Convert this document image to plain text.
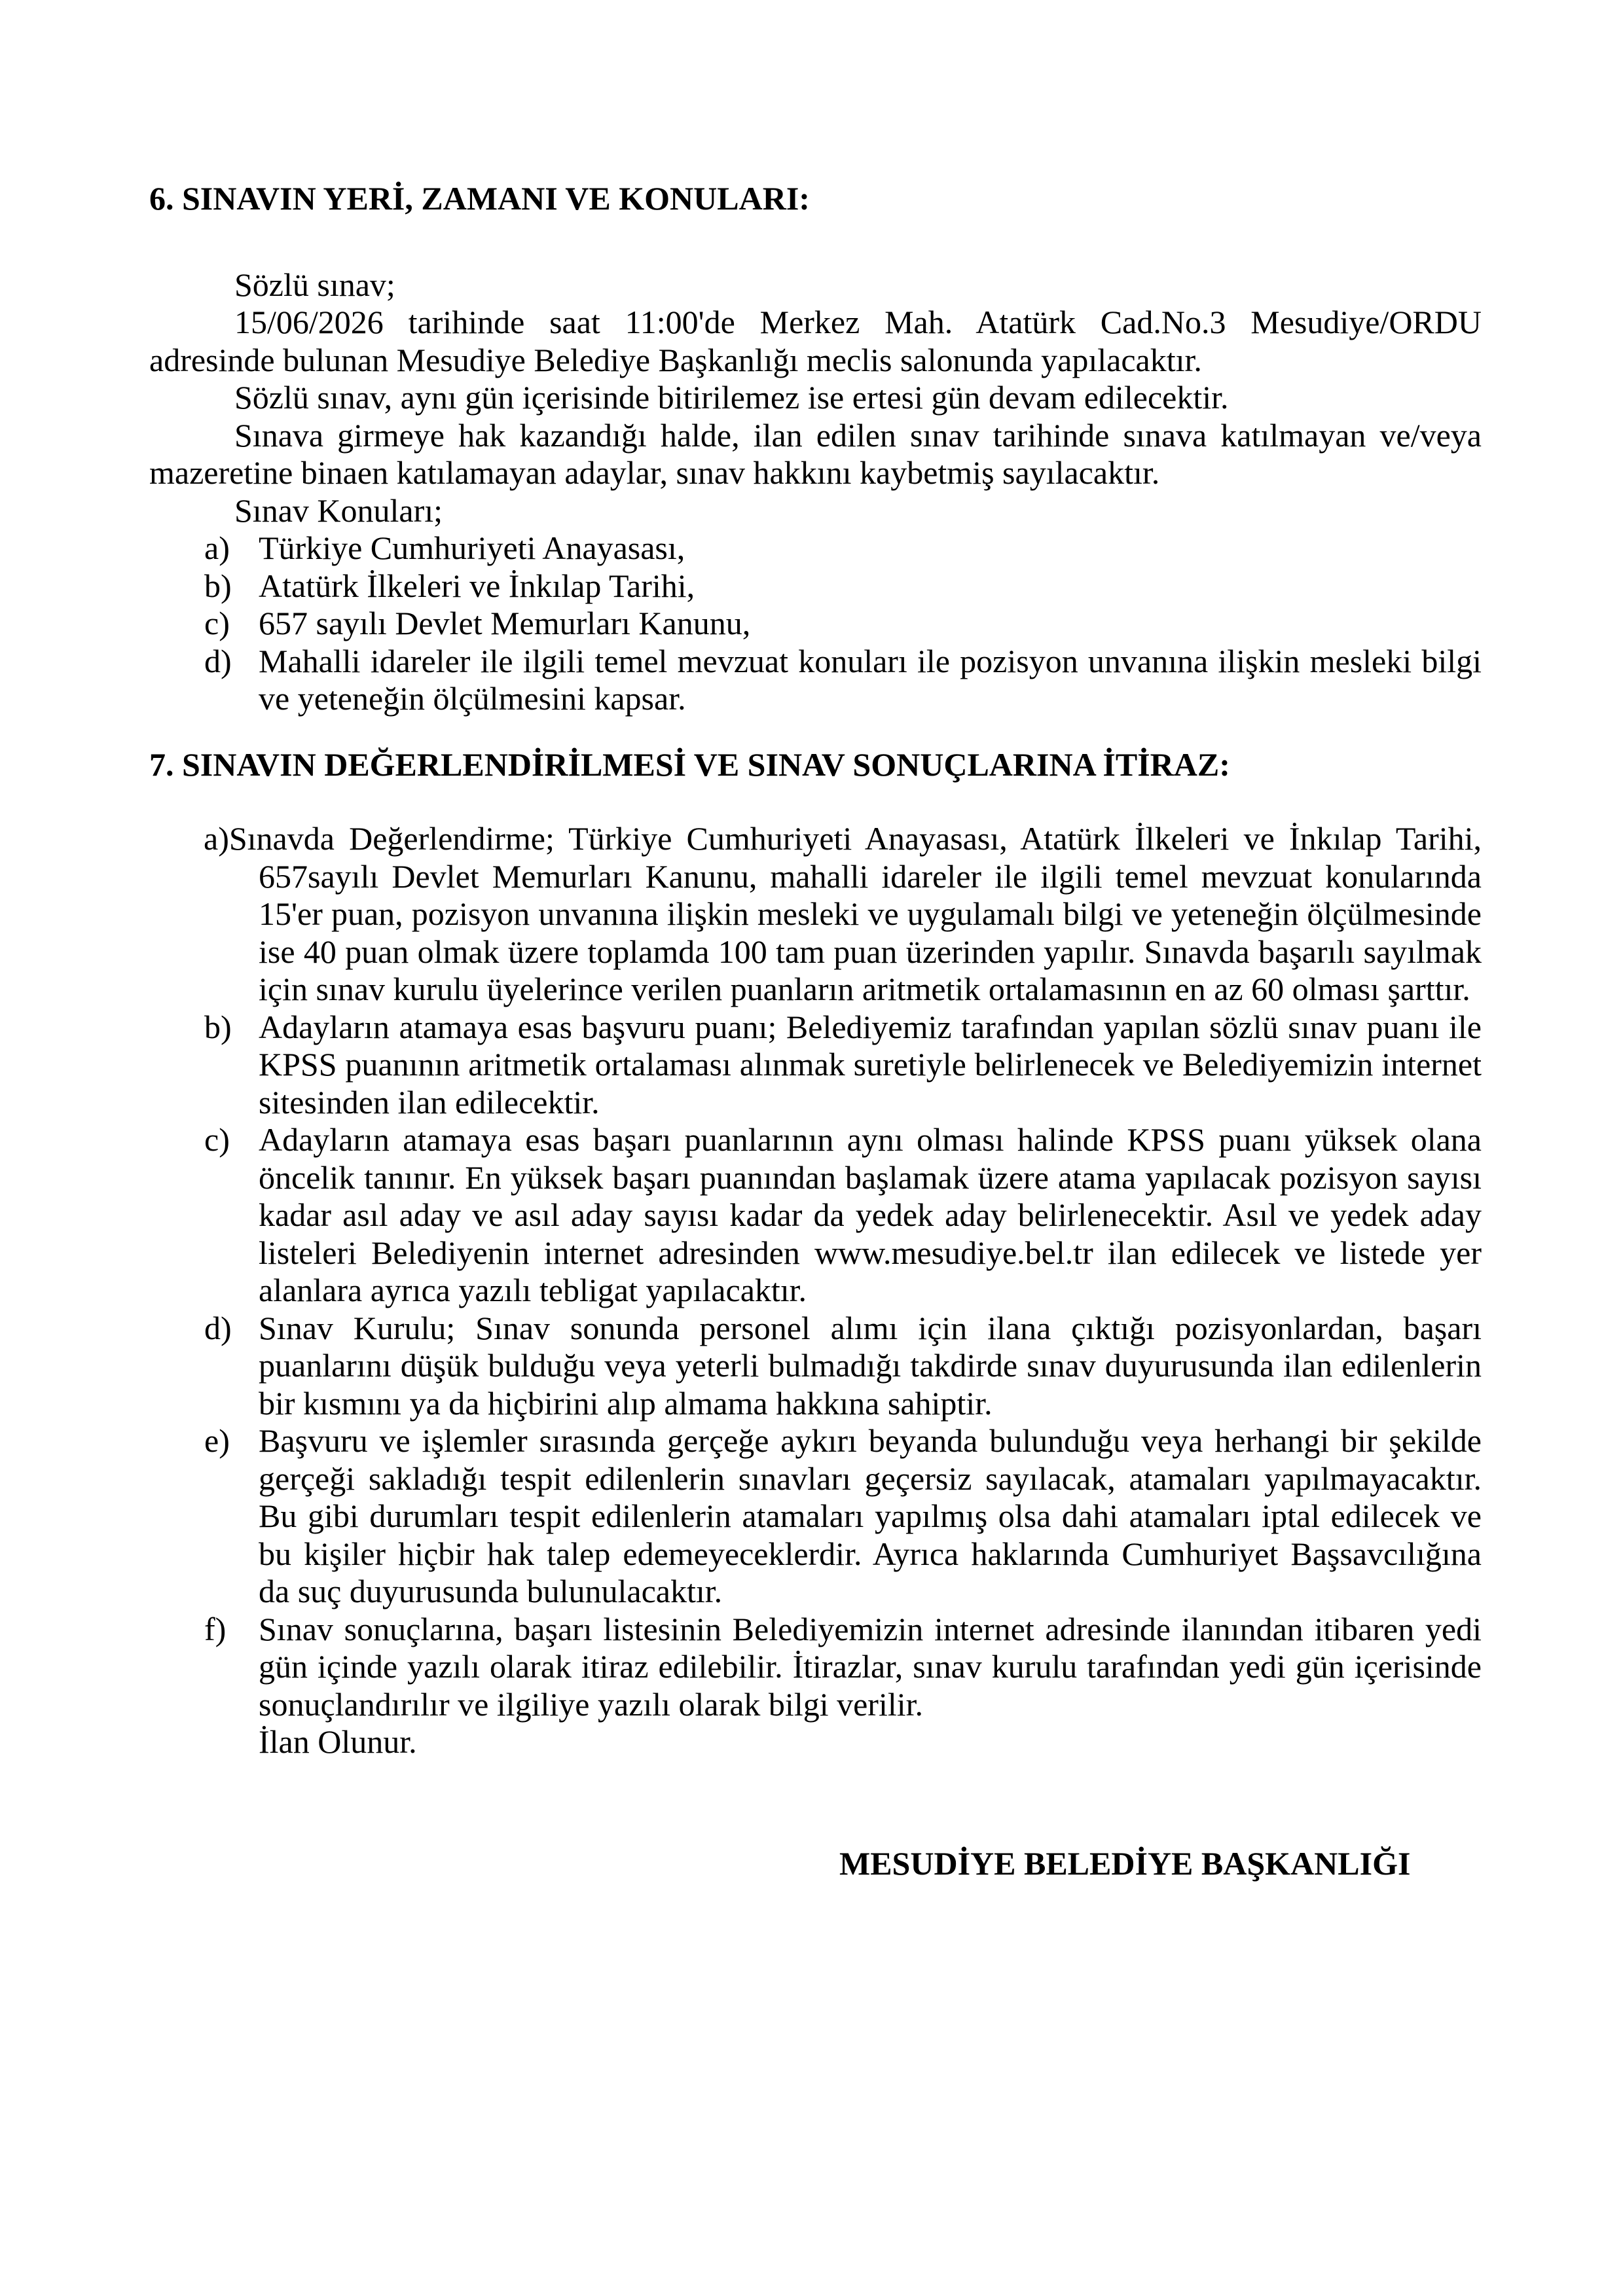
6. SINAVIN YERİ, ZAMANI VE KONULARI:

Sözlü sınav;

15/06/2026 tarihinde saat 11:00'de Merkez Mah. Atatürk Cad.No.3 Mesudiye/ORDU adresinde bulunan Mesudiye Belediye Başkanlığı meclis salonunda yapılacaktır.

Sözlü sınav, aynı gün içerisinde bitirilemez ise ertesi gün devam edilecektir.

Sınava girmeye hak kazandığı halde, ilan edilen sınav tarihinde sınava katılmayan ve/veya mazeretine binaen katılamayan adaylar, sınav hakkını kaybetmiş sayılacaktır.

Sınav Konuları;

a) Türkiye Cumhuriyeti Anayasası,
b) Atatürk İlkeleri ve İnkılap Tarihi,
c) 657 sayılı Devlet Memurları Kanunu,
d) Mahalli idareler ile ilgili temel mevzuat konuları ile pozisyon unvanına ilişkin mesleki bilgi ve yeteneğin ölçülmesini kapsar.
7. SINAVIN DEĞERLENDİRİLMESİ VE SINAV SONUÇLARINA İTİRAZ:
a)Sınavda Değerlendirme; Türkiye Cumhuriyeti Anayasası, Atatürk İlkeleri ve İnkılap Tarihi, 657sayılı Devlet Memurları Kanunu, mahalli idareler ile ilgili temel mevzuat konularında 15'er puan, pozisyon unvanına ilişkin mesleki ve uygulamalı bilgi ve yeteneğin ölçülmesinde ise 40 puan olmak üzere toplamda 100 tam puan üzerinden yapılır. Sınavda başarılı sayılmak için sınav kurulu üyelerince verilen puanların aritmetik ortalamasının en az 60 olması şarttır.
b) Adayların atamaya esas başvuru puanı; Belediyemiz tarafından yapılan sözlü sınav puanı ile KPSS puanının aritmetik ortalaması alınmak suretiyle belirlenecek ve Belediyemizin internet sitesinden ilan edilecektir.
c) Adayların atamaya esas başarı puanlarının aynı olması halinde KPSS puanı yüksek olana öncelik tanınır. En yüksek başarı puanından başlamak üzere atama yapılacak pozisyon sayısı kadar asıl aday ve asıl aday sayısı kadar da yedek aday belirlenecektir. Asıl ve yedek aday listeleri Belediyenin internet adresinden www.mesudiye.bel.tr ilan edilecek ve listede yer alanlara ayrıca yazılı tebligat yapılacaktır.
d) Sınav Kurulu; Sınav sonunda personel alımı için ilana çıktığı pozisyonlardan, başarı puanlarını düşük bulduğu veya yeterli bulmadığı takdirde sınav duyurusunda ilan edilenlerin bir kısmını ya da hiçbirini alıp almama hakkına sahiptir.
e) Başvuru ve işlemler sırasında gerçeğe aykırı beyanda bulunduğu veya herhangi bir şekilde gerçeği sakladığı tespit edilenlerin sınavları geçersiz sayılacak, atamaları yapılmayacaktır. Bu gibi durumları tespit edilenlerin atamaları yapılmış olsa dahi atamaları iptal edilecek ve bu kişiler hiçbir hak talep edemeyeceklerdir. Ayrıca haklarında Cumhuriyet Başsavcılığına da suç duyurusunda bulunulacaktır.
f) Sınav sonuçlarına, başarı listesinin Belediyemizin internet adresinde ilanından itibaren yedi gün içinde yazılı olarak itiraz edilebilir. İtirazlar, sınav kurulu tarafından yedi gün içerisinde sonuçlandırılır ve ilgiliye yazılı olarak bilgi verilir.

İlan Olunur.

MESUDİYE BELEDİYE BAŞKANLIĞI
